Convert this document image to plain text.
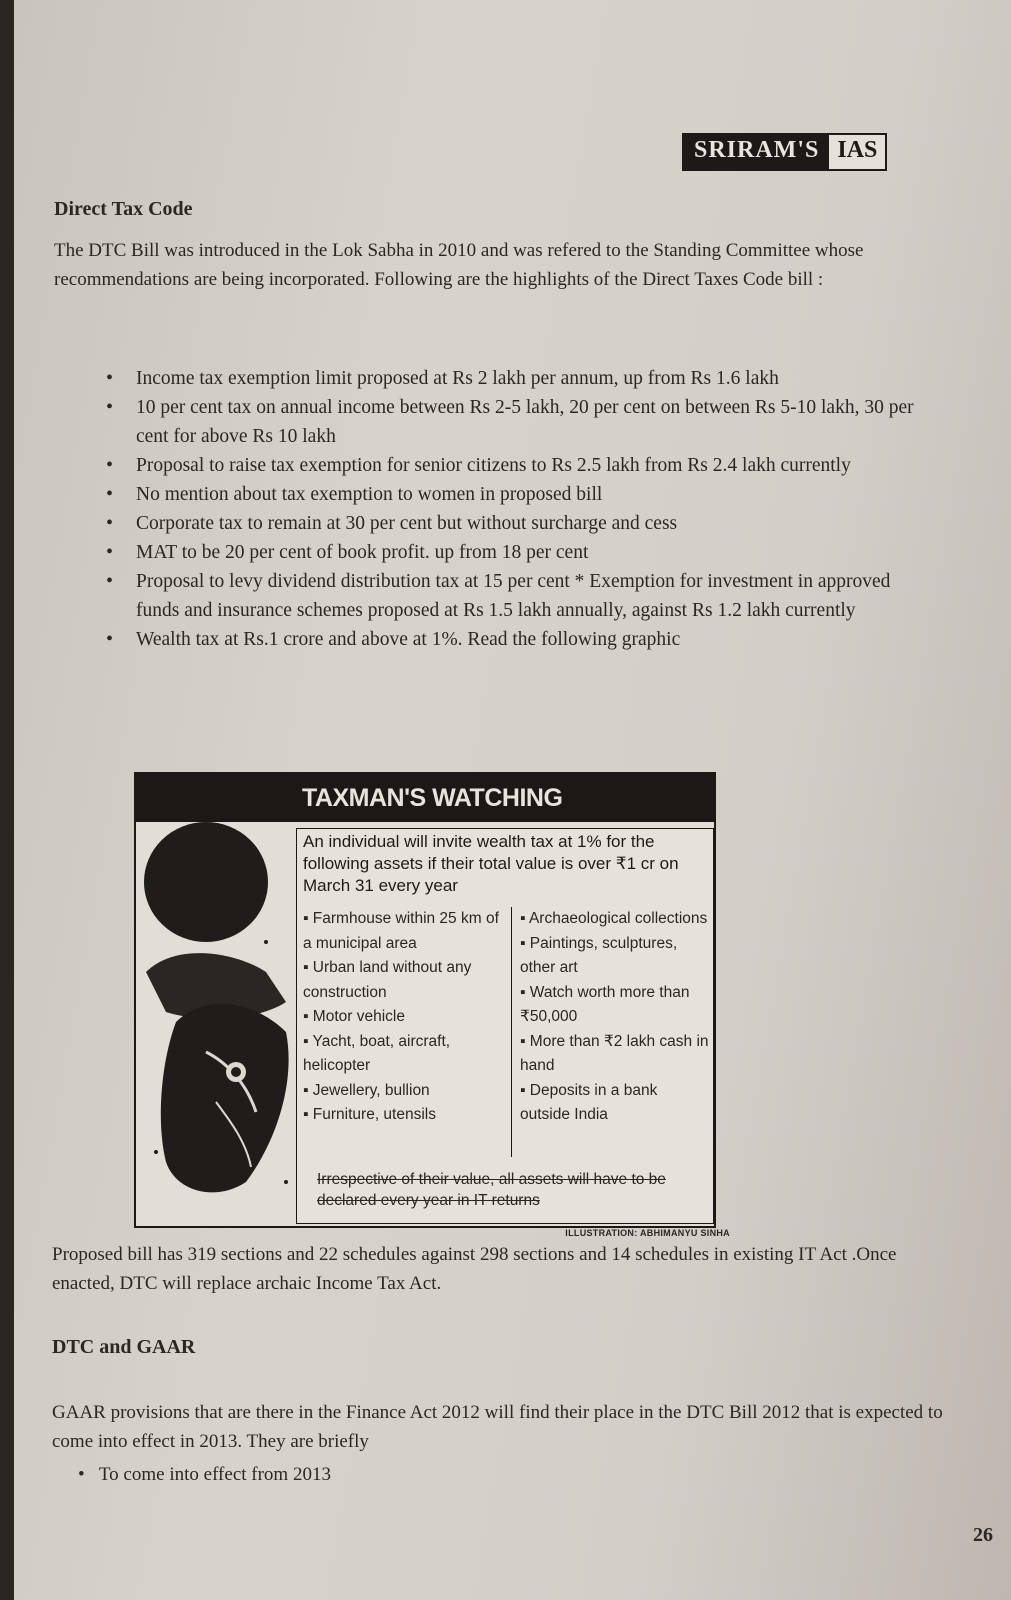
SRIRAM'S IAS
Direct Tax Code
The DTC Bill was introduced in the Lok Sabha in 2010 and was refered to the Standing Committee whose recommendations are being incorporated. Following are the highlights of the Direct Taxes Code bill :
• Income tax exemption limit proposed at Rs 2 lakh per annum, up from Rs 1.6 lakh
• 10 per cent tax on annual income between Rs 2-5 lakh, 20 per cent on between Rs 5-10 lakh, 30 per cent for above Rs 10 lakh
• Proposal to raise tax exemption for senior citizens to Rs 2.5 lakh from Rs 2.4 lakh currently
• No mention about tax exemption to women in proposed bill
• Corporate tax to remain at 30 per cent but without surcharge and cess
• MAT to be 20 per cent of book profit. up from 18 per cent
• Proposal to levy dividend distribution tax at 15 per cent * Exemption for investment in approved funds and insurance schemes proposed at Rs 1.5 lakh annually, against Rs 1.2 lakh currently
• Wealth tax at Rs.1 crore and above at 1%. Read the following graphic
TAXMAN'S WATCHING
An individual will invite wealth tax at 1% for the following assets if their total value is over ₹1 cr on March 31 every year
▪ Farmhouse within 25 km of a municipal area
▪ Urban land without any construction
▪ Motor vehicle
▪ Yacht, boat, aircraft, helicopter
▪ Jewellery, bullion
▪ Furniture, utensils
▪ Archaeological collections
▪ Paintings, sculptures, other art
▪ Watch worth more than ₹50,000
▪ More than ₹2 lakh cash in hand
▪ Deposits in a bank outside India
Irrespective of their value, all assets will have to be declared every year in IT returns
ILLUSTRATION: ABHIMANYU SINHA
Proposed bill has 319 sections and 22 schedules against 298 sections and 14 schedules in existing IT Act .Once enacted, DTC will replace archaic Income Tax Act.
DTC and GAAR
GAAR provisions that are there in the Finance Act 2012 will find their place in the DTC Bill 2012 that is expected to come into effect in 2013. They are briefly
•   To come into effect from 2013
26
